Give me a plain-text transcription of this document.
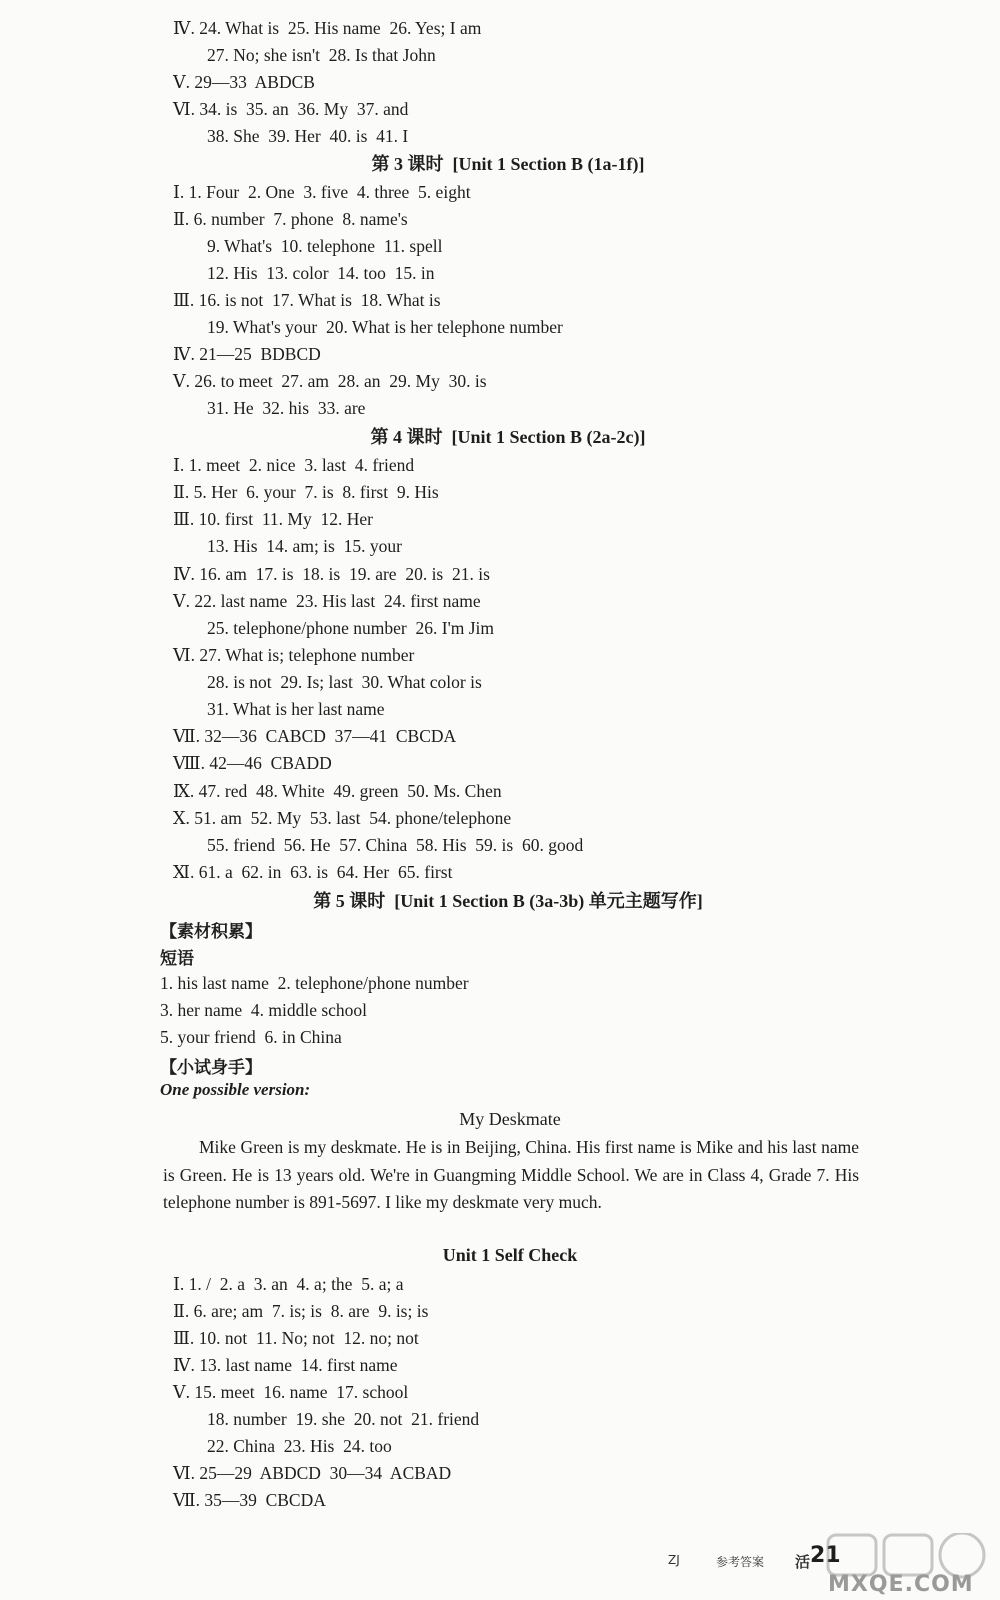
Ⅳ. 24. What is  25. His name  26. Yes; I am
27. No; she isn't  28. Is that John
Ⅴ. 29—33  ABDCB
Ⅵ. 34. is  35. an  36. My  37. and
38. She  39. Her  40. is  41. I
第 3 课时  [Unit 1 Section B (1a-1f)]
Ⅰ. 1. Four  2. One  3. five  4. three  5. eight
Ⅱ. 6. number  7. phone  8. name's
9. What's  10. telephone  11. spell
12. His  13. color  14. too  15. in
Ⅲ. 16. is not  17. What is  18. What is
19. What's your  20. What is her telephone number
Ⅳ. 21—25  BDBCD
Ⅴ. 26. to meet  27. am  28. an  29. My  30. is
31. He  32. his  33. are
第 4 课时  [Unit 1 Section B (2a-2c)]
Ⅰ. 1. meet  2. nice  3. last  4. friend
Ⅱ. 5. Her  6. your  7. is  8. first  9. His
Ⅲ. 10. first  11. My  12. Her
13. His  14. am; is  15. your
Ⅳ. 16. am  17. is  18. is  19. are  20. is  21. is
Ⅴ. 22. last name  23. His last  24. first name
25. telephone/phone number  26. I'm Jim
Ⅵ. 27. What is; telephone number
28. is not  29. Is; last  30. What color is
31. What is her last name
Ⅶ. 32—36  CABCD  37—41  CBCDA
Ⅷ. 42—46  CBADD
Ⅸ. 47. red  48. White  49. green  50. Ms. Chen
Ⅹ. 51. am  52. My  53. last  54. phone/telephone
55. friend  56. He  57. China  58. His  59. is  60. good
Ⅺ. 61. a  62. in  63. is  64. Her  65. first
第 5 课时  [Unit 1 Section B (3a-3b) 单元主题写作]
【素材积累】
短语
1. his last name  2. telephone/phone number
3. her name  4. middle school
5. your friend  6. in China
【小试身手】
One possible version:
My Deskmate

Mike Green is my deskmate. He is in Beijing, China. His first name is Mike and his last name is Green. He is 13 years old. We're in Guangming Middle School. We are in Class 4, Grade 7. His telephone number is 891-5697. I like my deskmate very much.

Unit 1 Self Check
Ⅰ. 1. /  2. a  3. an  4. a; the  5. a; a
Ⅱ. 6. are; am  7. is; is  8. are  9. is; is
Ⅲ. 10. not  11. No; not  12. no; not
Ⅳ. 13. last name  14. first name
Ⅴ. 15. meet  16. name  17. school
18. number  19. she  20. not  21. friend
22. China  23. His  24. too
Ⅵ. 25—29  ABDCD  30—34  ACBAD
Ⅶ. 35—39  CBCDA
ZJ	参考答案 活 21
MXQE.COM
